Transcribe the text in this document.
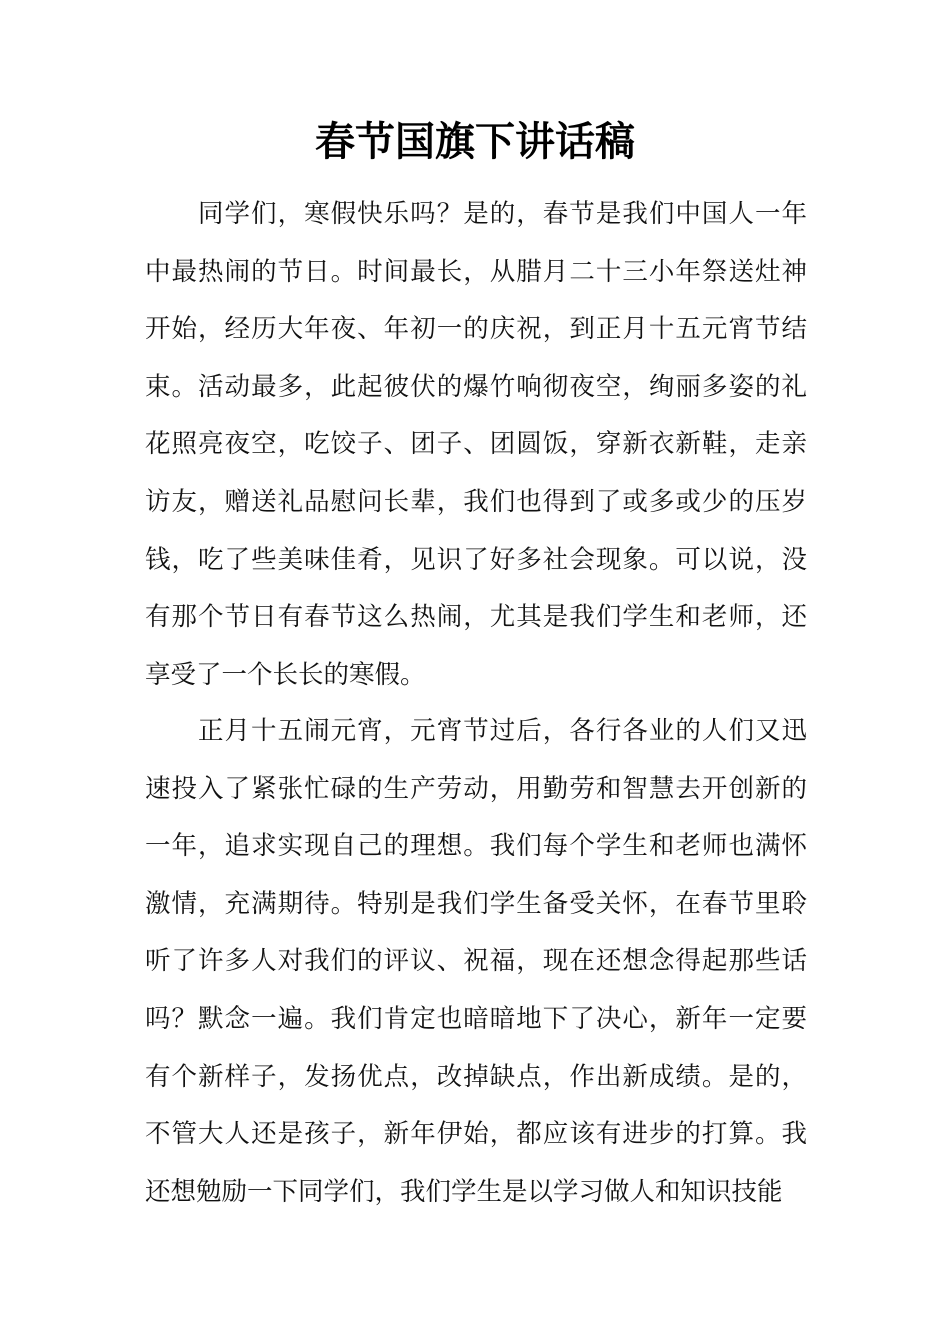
春节国旗下讲话稿

同学们，寒假快乐吗？是的，春节是我们中国人一年中最热闹的节日。时间最长，从腊月二十三小年祭送灶神开始，经历大年夜、年初一的庆祝，到正月十五元宵节结束。活动最多，此起彼伏的爆竹响彻夜空，绚丽多姿的礼花照亮夜空，吃饺子、团子、团圆饭，穿新衣新鞋，走亲访友，赠送礼品慰问长辈，我们也得到了或多或少的压岁钱，吃了些美味佳肴，见识了好多社会现象。可以说，没有那个节日有春节这么热闹，尤其是我们学生和老师，还享受了一个长长的寒假。

正月十五闹元宵，元宵节过后，各行各业的人们又迅速投入了紧张忙碌的生产劳动，用勤劳和智慧去开创新的一年，追求实现自己的理想。我们每个学生和老师也满怀激情，充满期待。特别是我们学生备受关怀，在春节里聆听了许多人对我们的评议、祝福，现在还想念得起那些话吗？默念一遍。我们肯定也暗暗地下了决心，新年一定要有个新样子，发扬优点，改掉缺点，作出新成绩。是的，不管大人还是孩子，新年伊始，都应该有进步的打算。我还想勉励一下同学们，我们学生是以学习做人和知识技能
